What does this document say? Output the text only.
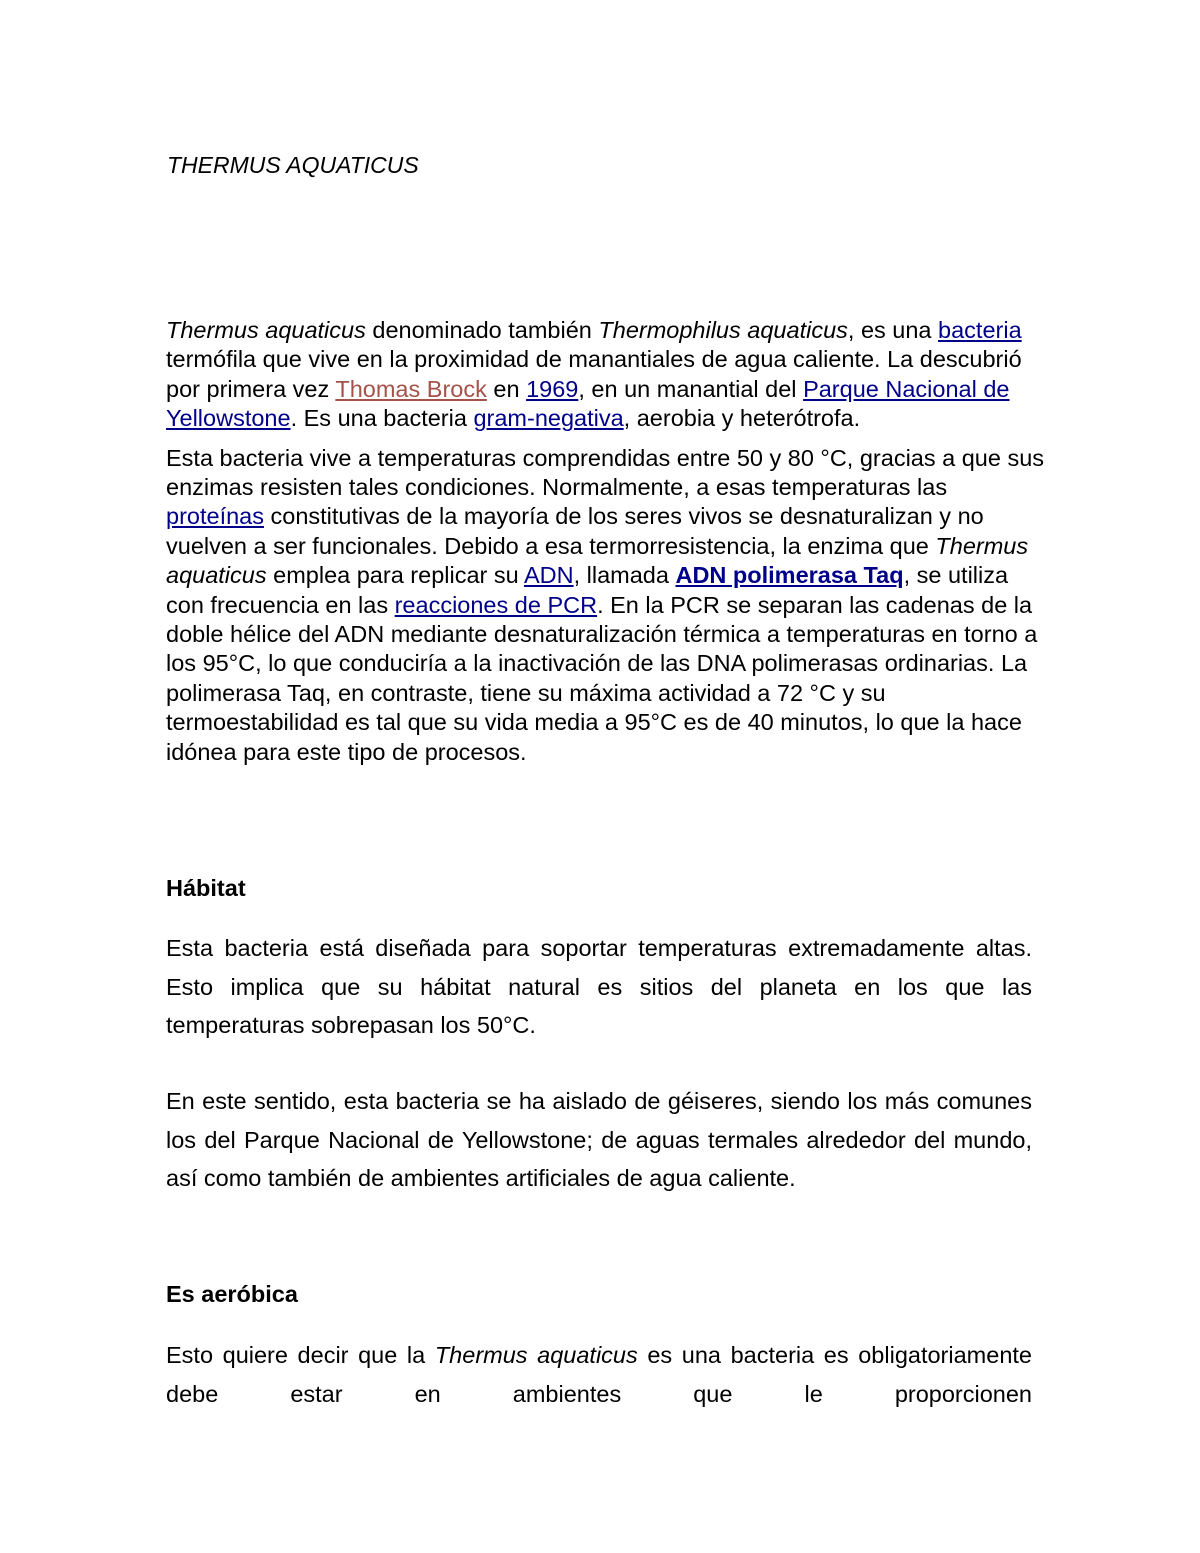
THERMUS AQUATICUS

Thermus aquaticus denominado también Thermophilus aquaticus, es una bacteria termófila que vive en la proximidad de manantiales de agua caliente. La descubrió por primera vez Thomas Brock en 1969, en un manantial del Parque Nacional de Yellowstone. Es una bacteria gram-negativa, aerobia y heterótrofa.

Esta bacteria vive a temperaturas comprendidas entre 50 y 80 °C, gracias a que sus enzimas resisten tales condiciones. Normalmente, a esas temperaturas las proteínas constitutivas de la mayoría de los seres vivos se desnaturalizan y no vuelven a ser funcionales. Debido a esa termorresistencia, la enzima que Thermus aquaticus emplea para replicar su ADN, llamada ADN polimerasa Taq, se utiliza con frecuencia en las reacciones de PCR. En la PCR se separan las cadenas de la doble hélice del ADN mediante desnaturalización térmica a temperaturas en torno a los 95°C, lo que conduciría a la inactivación de las DNA polimerasas ordinarias. La polimerasa Taq, en contraste, tiene su máxima actividad a 72 °C y su termoestabilidad es tal que su vida media a 95°C es de 40 minutos, lo que la hace idónea para este tipo de procesos.

Hábitat

Esta bacteria está diseñada para soportar temperaturas extremadamente altas. Esto implica que su hábitat natural es sitios del planeta en los que las temperaturas sobrepasan los 50°C.

En este sentido, esta bacteria se ha aislado de géiseres, siendo los más comunes los del Parque Nacional de Yellowstone; de aguas termales alrededor del mundo, así como también de ambientes artificiales de agua caliente.

Es aeróbica

Esto quiere decir que la Thermus aquaticus es una bacteria es obligatoriamente debe estar en ambientes que le proporcionen
